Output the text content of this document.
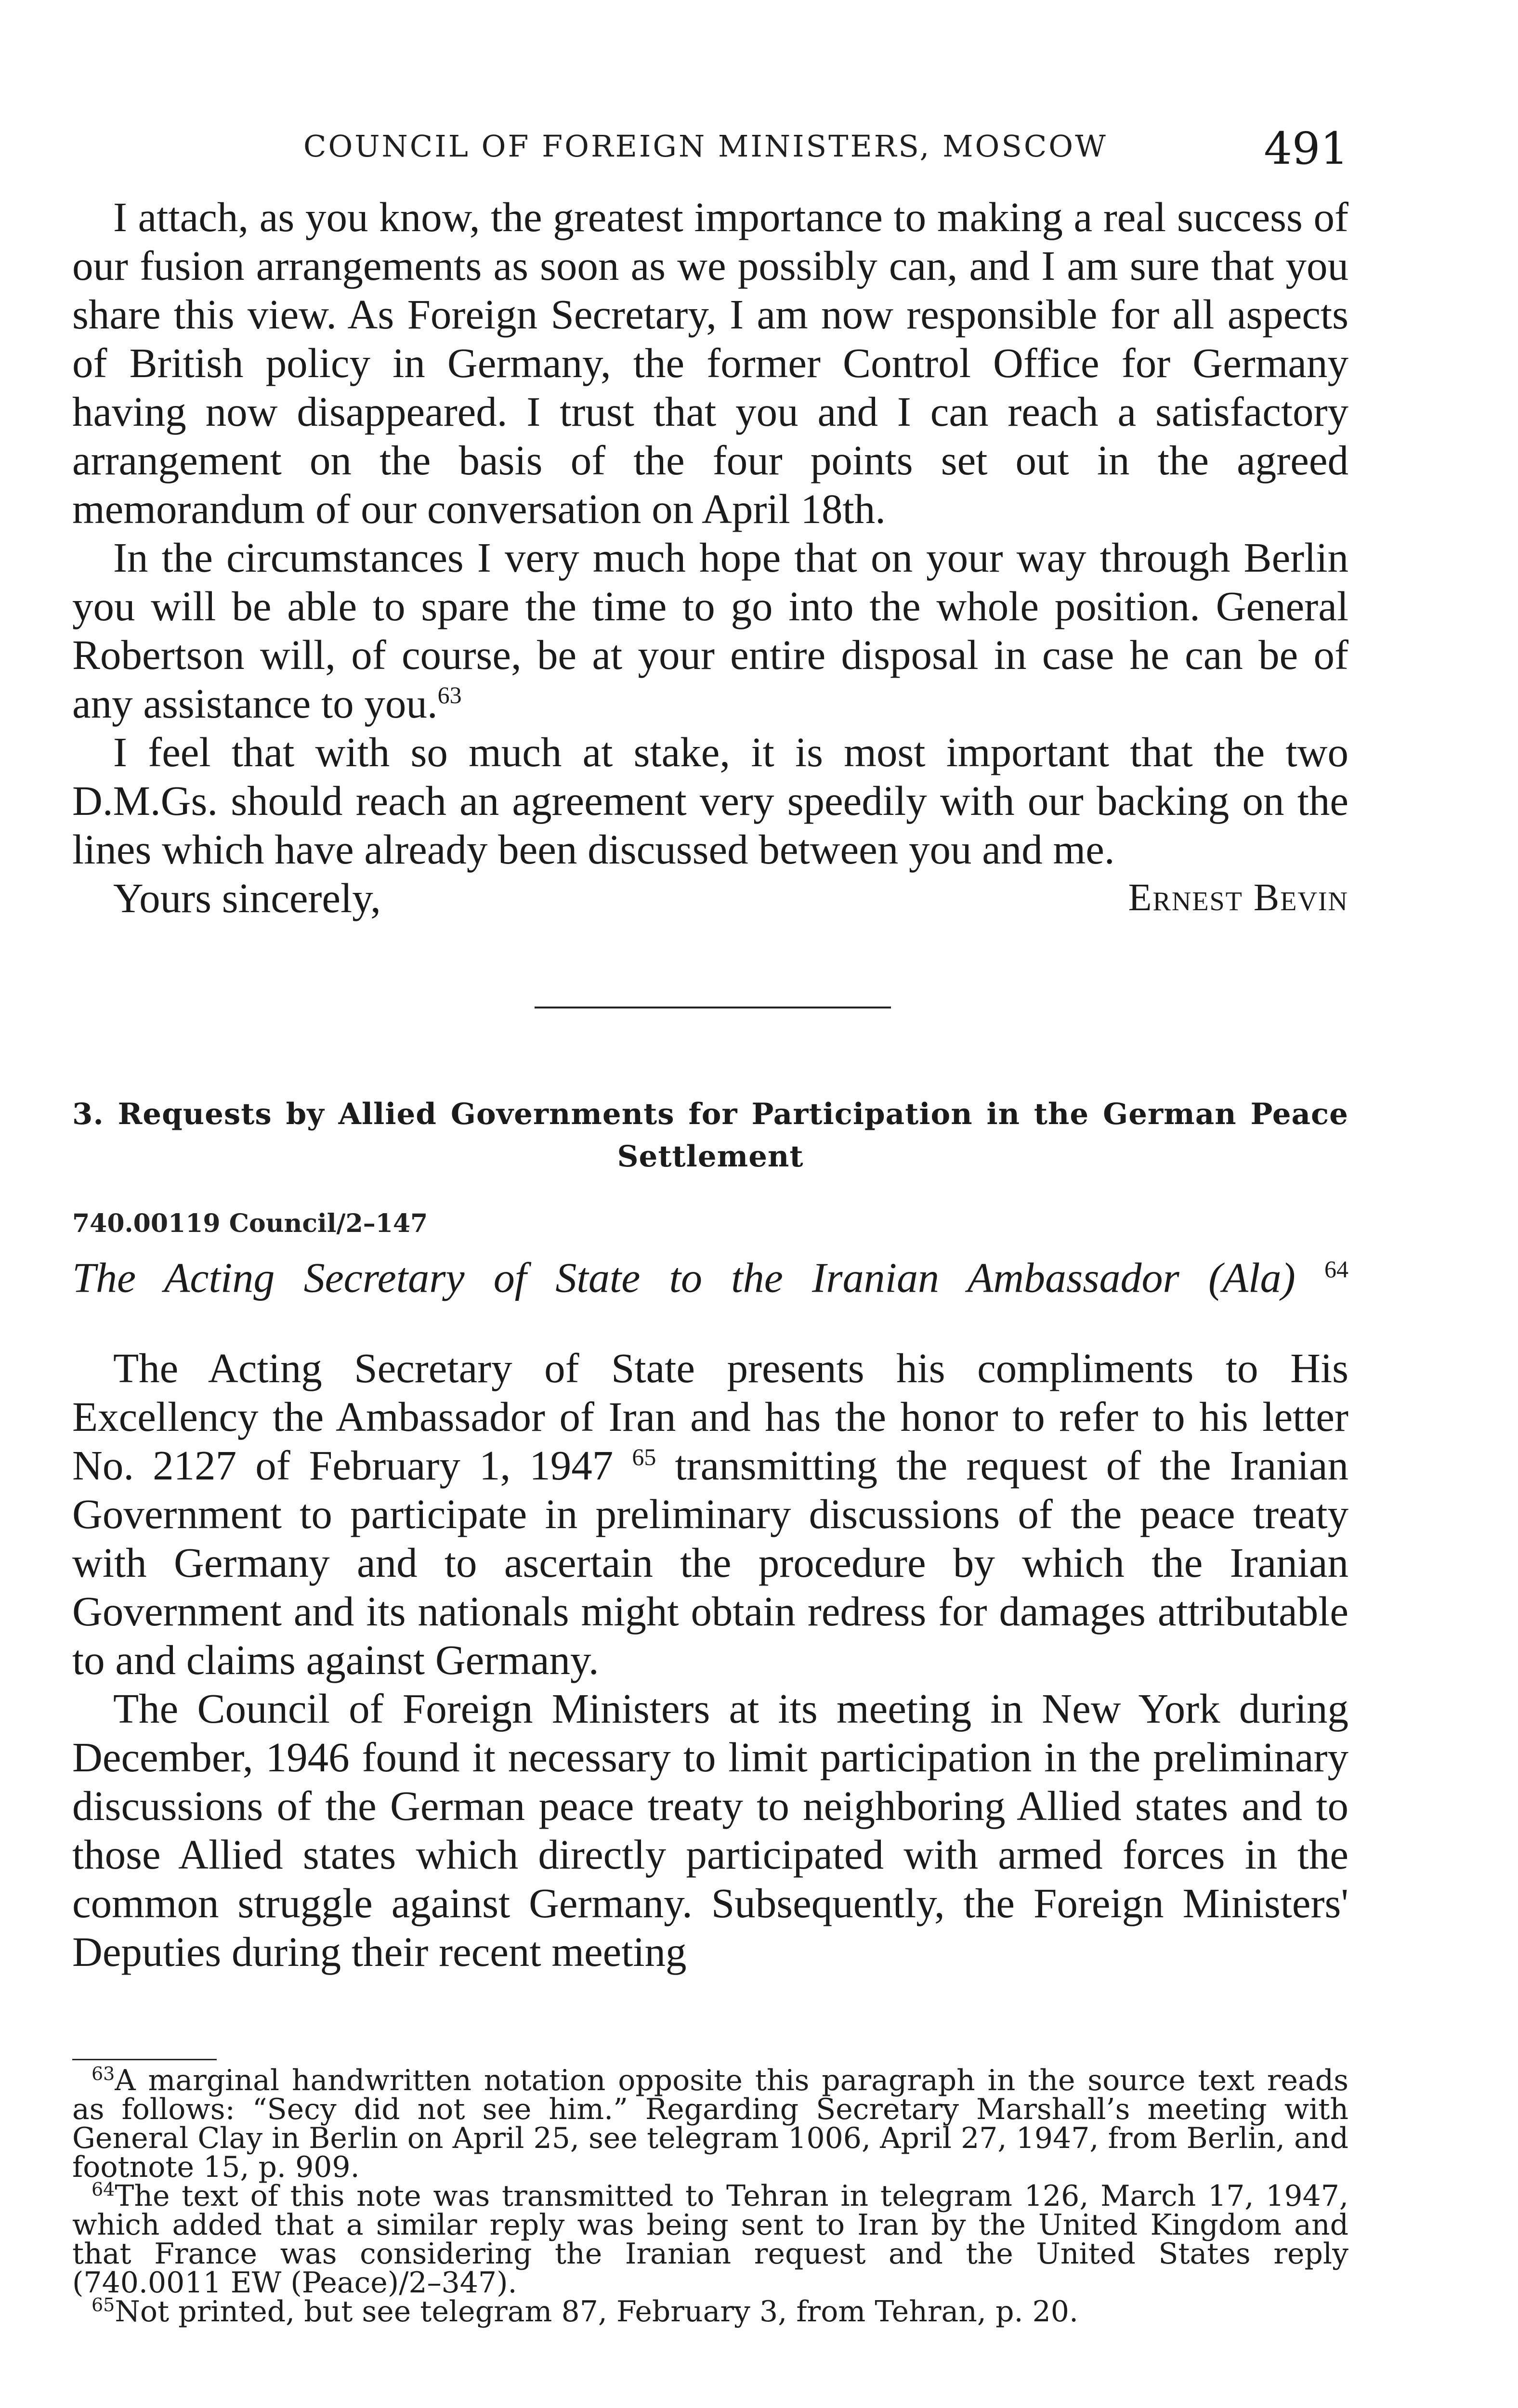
COUNCIL OF FOREIGN MINISTERS, MOSCOW	491

I attach, as you know, the greatest importance to making a real success of our fusion arrangements as soon as we possibly can, and I am sure that you share this view. As Foreign Secretary, I am now responsible for all aspects of British policy in Germany, the former Control Office for Germany having now disappeared. I trust that you and I can reach a satisfactory arrangement on the basis of the four points set out in the agreed memorandum of our conversation on April 18th.

In the circumstances I very much hope that on your way through Berlin you will be able to spare the time to go into the whole position. General Robertson will, of course, be at your entire disposal in case he can be of any assistance to you.$^{63}$

I feel that with so much at stake, it is most important that the two D.M.Gs. should reach an agreement very speedily with our backing on the lines which have already been discussed between you and me.

Yours sincerely,	Ernest Bevin
3. Requests by Allied Governments for Participation in the German Peace Settlement
740.00119 Council/2–147
The Acting Secretary of State to the Iranian Ambassador (Ala) $^{64}$

The Acting Secretary of State presents his compliments to His Excellency the Ambassador of Iran and has the honor to refer to his letter No. 2127 of February 1, 1947 $^{65}$ transmitting the request of the Iranian Government to participate in preliminary discussions of the peace treaty with Germany and to ascertain the procedure by which the Iranian Government and its nationals might obtain redress for damages attributable to and claims against Germany.

The Council of Foreign Ministers at its meeting in New York during December, 1946 found it necessary to limit participation in the preliminary discussions of the German peace treaty to neighboring Allied states and to those Allied states which directly participated with armed forces in the common struggle against Germany. Subsequently, the Foreign Ministers' Deputies during their recent meeting

$^{63}$A marginal handwritten notation opposite this paragraph in the source text reads as follows: “Secy did not see him.” Regarding Secretary Marshall’s meeting with General Clay in Berlin on April 25, see telegram 1006, April 27, 1947, from Berlin, and footnote 15, p. 909.

$^{64}$The text of this note was transmitted to Tehran in telegram 126, March 17, 1947, which added that a similar reply was being sent to Iran by the United Kingdom and that France was considering the Iranian request and the United States reply (740.0011 EW (Peace)/2–347).

$^{65}$Not printed, but see telegram 87, February 3, from Tehran, p. 20.
